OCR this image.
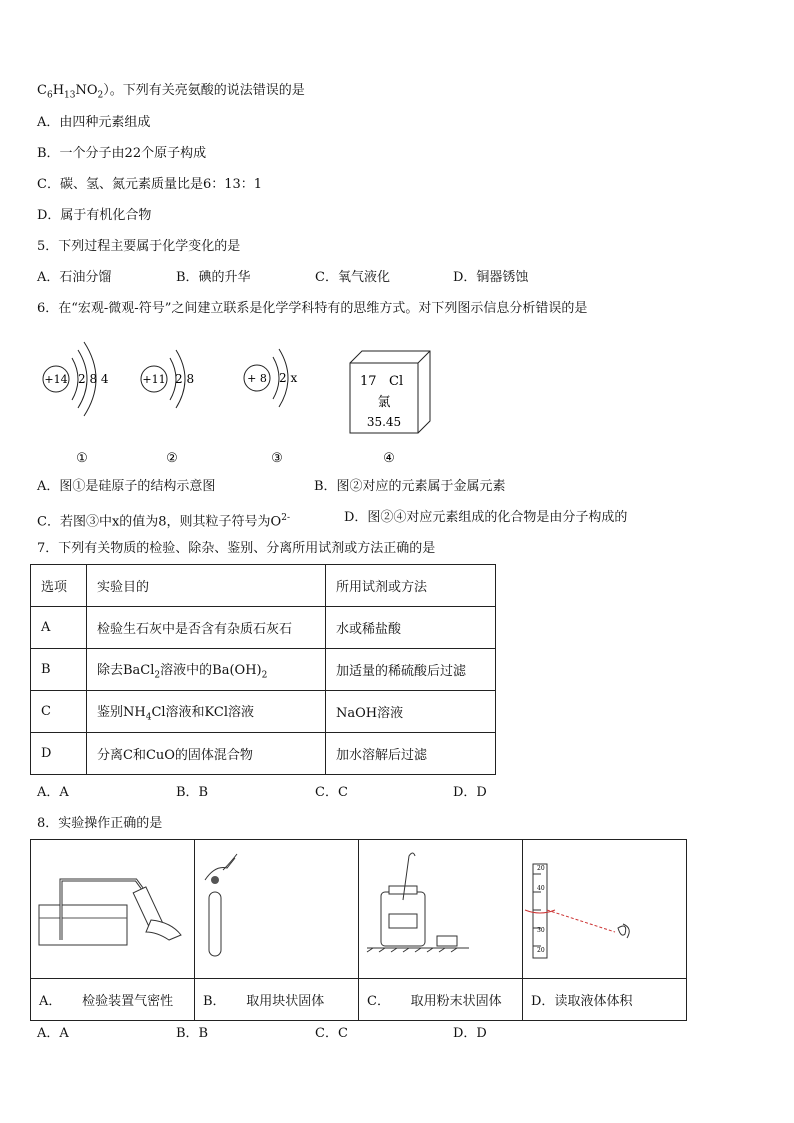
$C_6H_{13}NO_2$）。下列有关亮氨酸的说法错误的是
A．由四种元素组成
B．一个分子由22个原子构成
C．碳、氢、氮元素质量比是6：13：1
D．属于有机化合物
5．下列过程主要属于化学变化的是
A．石油分馏	B．碘的升华	C．氧气液化	D．铜器锈蚀
6．在“宏观-微观-符号”之间建立联系是化学学科特有的思维方式。对下列图示信息分析错误的是
+14 2 8 4
①
+11 2 8
②
+ 8 2 x
③
17 Cl
氯
35.45
④
A．图①是硅原子的结构示意图	B．图②对应的元素属于金属元素
C．若图③中x的值为8，则其粒子符号为$O^{2-}$	D．图②④对应元素组成的化合物是由分子构成的
7．下列有关物质的检验、除杂、鉴别、分离所用试剂或方法正确的是
选项	实验目的	所用试剂或方法
A	检验生石灰中是否含有杂质石灰石	水或稀盐酸
B	除去BaCl$_2$溶液中的$Ba(OH)_2$	加适量的稀硫酸后过滤
C	鉴别$NH_4Cl$溶液和KCl溶液	NaOH溶液
D	分离C和CuO的固体混合物	加水溶解后过滤
A．A	B．B	C．C	D．D
8．实验操作正确的是

20
40
30
20

A． 检验装置气密性	B． 取用块状固体	C． 取用粉末状固体	D．读取液体体积
A．A	B．B	C．C	D．D
